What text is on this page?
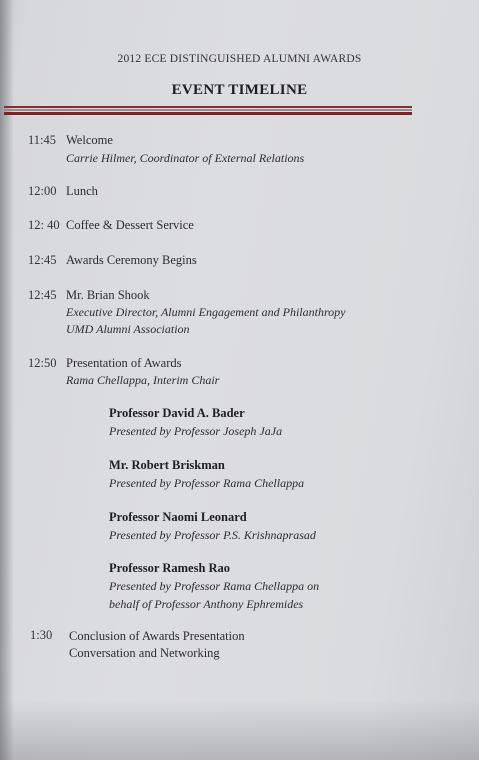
2012 ECE DISTINGUISHED ALUMNI AWARDS
EVENT TIMELINE
11:45 Welcome
Carrie Hilmer, Coordinator of External Relations
12:00 Lunch
12: 40 Coffee & Dessert Service
12:45 Awards Ceremony Begins
12:45 Mr. Brian Shook
Executive Director, Alumni Engagement and Philanthropy
UMD Alumni Association
12:50 Presentation of Awards
Rama Chellappa, Interim Chair
Professor David A. Bader
Presented by Professor Joseph JaJa
Mr. Robert Briskman
Presented by Professor Rama Chellappa
Professor Naomi Leonard
Presented by Professor P.S. Krishnaprasad
Professor Ramesh Rao
Presented by Professor Rama Chellappa on
behalf of Professor Anthony Ephremides
1:30 Conclusion of Awards Presentation
Conversation and Networking
